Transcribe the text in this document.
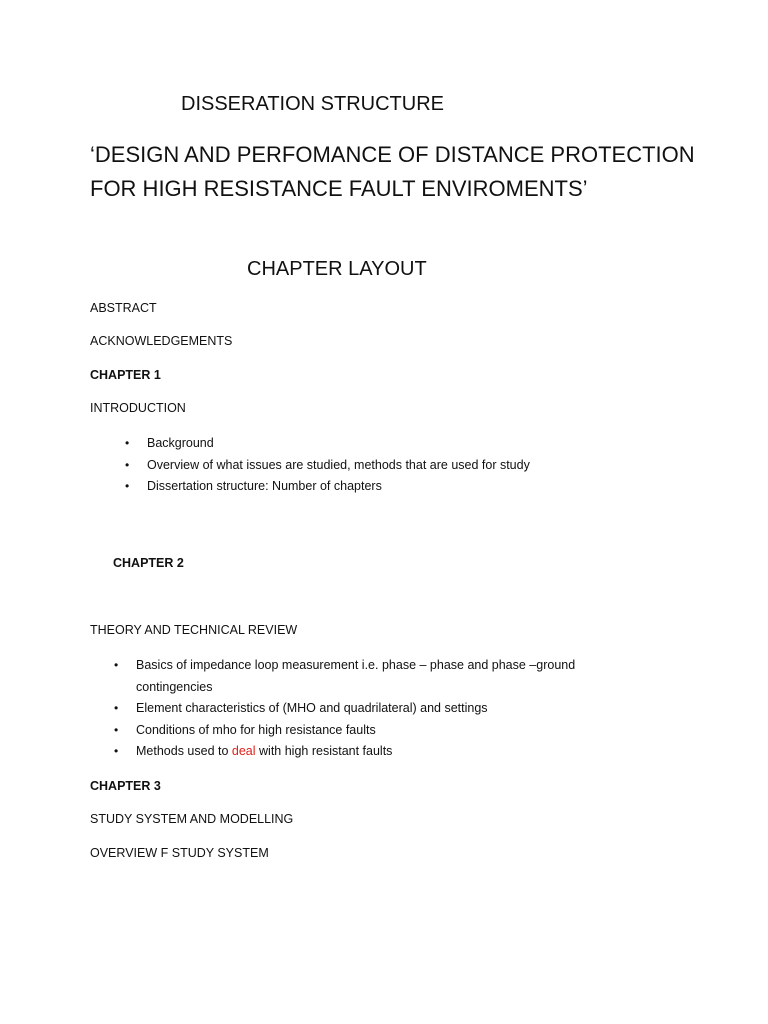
DISSERATION STRUCTURE
‘DESIGN AND PERFOMANCE OF DISTANCE PROTECTION
FOR HIGH RESISTANCE FAULT ENVIROMENTS’
CHAPTER LAYOUT
ABSTRACT
ACKNOWLEDGEMENTS
CHAPTER 1
INTRODUCTION
• Background
• Overview of what issues are studied, methods that are used for study
• Dissertation structure: Number of chapters
CHAPTER 2
THEORY AND TECHNICAL REVIEW
• Basics of impedance loop measurement i.e. phase – phase and phase –ground
contingencies
• Element characteristics of (MHO and quadrilateral) and settings
• Conditions of mho for high resistance faults
• Methods used to deal with high resistant faults
CHAPTER 3
STUDY SYSTEM AND MODELLING
OVERVIEW F STUDY SYSTEM
